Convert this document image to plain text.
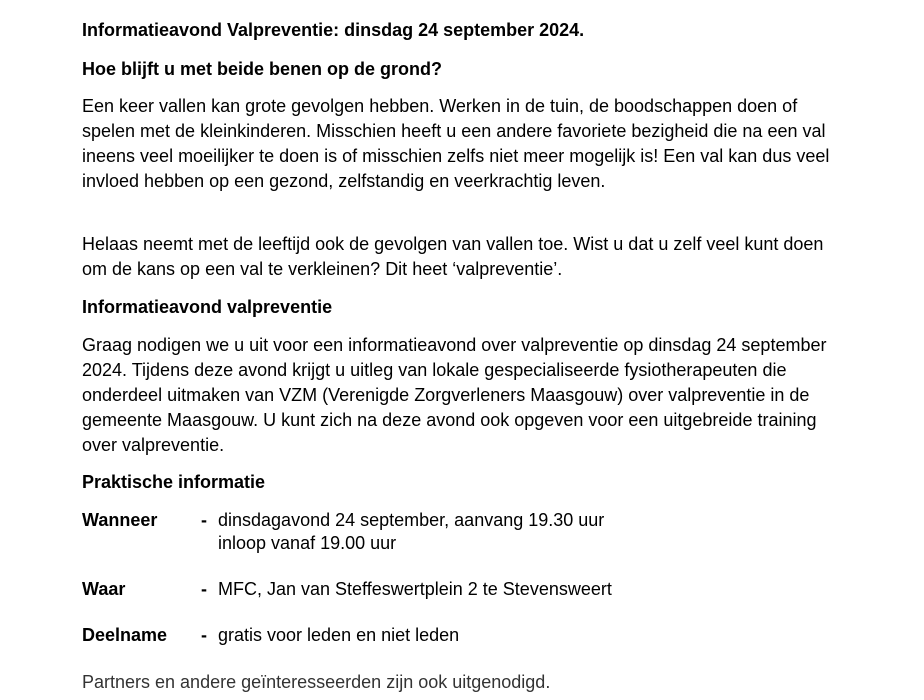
Informatieavond Valpreventie: dinsdag 24 september 2024.
Hoe blijft u met beide benen op de grond?

Een keer vallen kan grote gevolgen hebben. Werken in de tuin, de boodschappen doen of spelen met de kleinkinderen. Misschien heeft u een andere favoriete bezigheid die na een val ineens veel moeilijker te doen is of misschien zelfs niet meer mogelijk is! Een val kan dus veel invloed hebben op een gezond, zelfstandig en veerkrachtig leven.

Helaas neemt met de leeftijd ook de gevolgen van vallen toe. Wist u dat u zelf veel kunt doen om de kans op een val te verkleinen? Dit heet ‘valpreventie’.

Informatieavond valpreventie

Graag nodigen we u uit voor een informatieavond over valpreventie op dinsdag 24 september 2024. Tijdens deze avond krijgt u uitleg van lokale gespecialiseerde fysiotherapeuten die onderdeel uitmaken van VZM (Verenigde Zorgverleners Maasgouw) over valpreventie in de gemeente Maasgouw. U kunt zich na deze avond ook opgeven voor een uitgebreide training over valpreventie.

Praktische informatie
Wanneer - dinsdagavond 24 september, aanvang 19.30 uur
inloop vanaf 19.00 uur
Waar	- MFC, Jan van Steffeswertplein 2 te Stevensweert
Deelname - gratis voor leden en niet leden

Partners en andere geïnteresseerden zijn ook uitgenodigd.
